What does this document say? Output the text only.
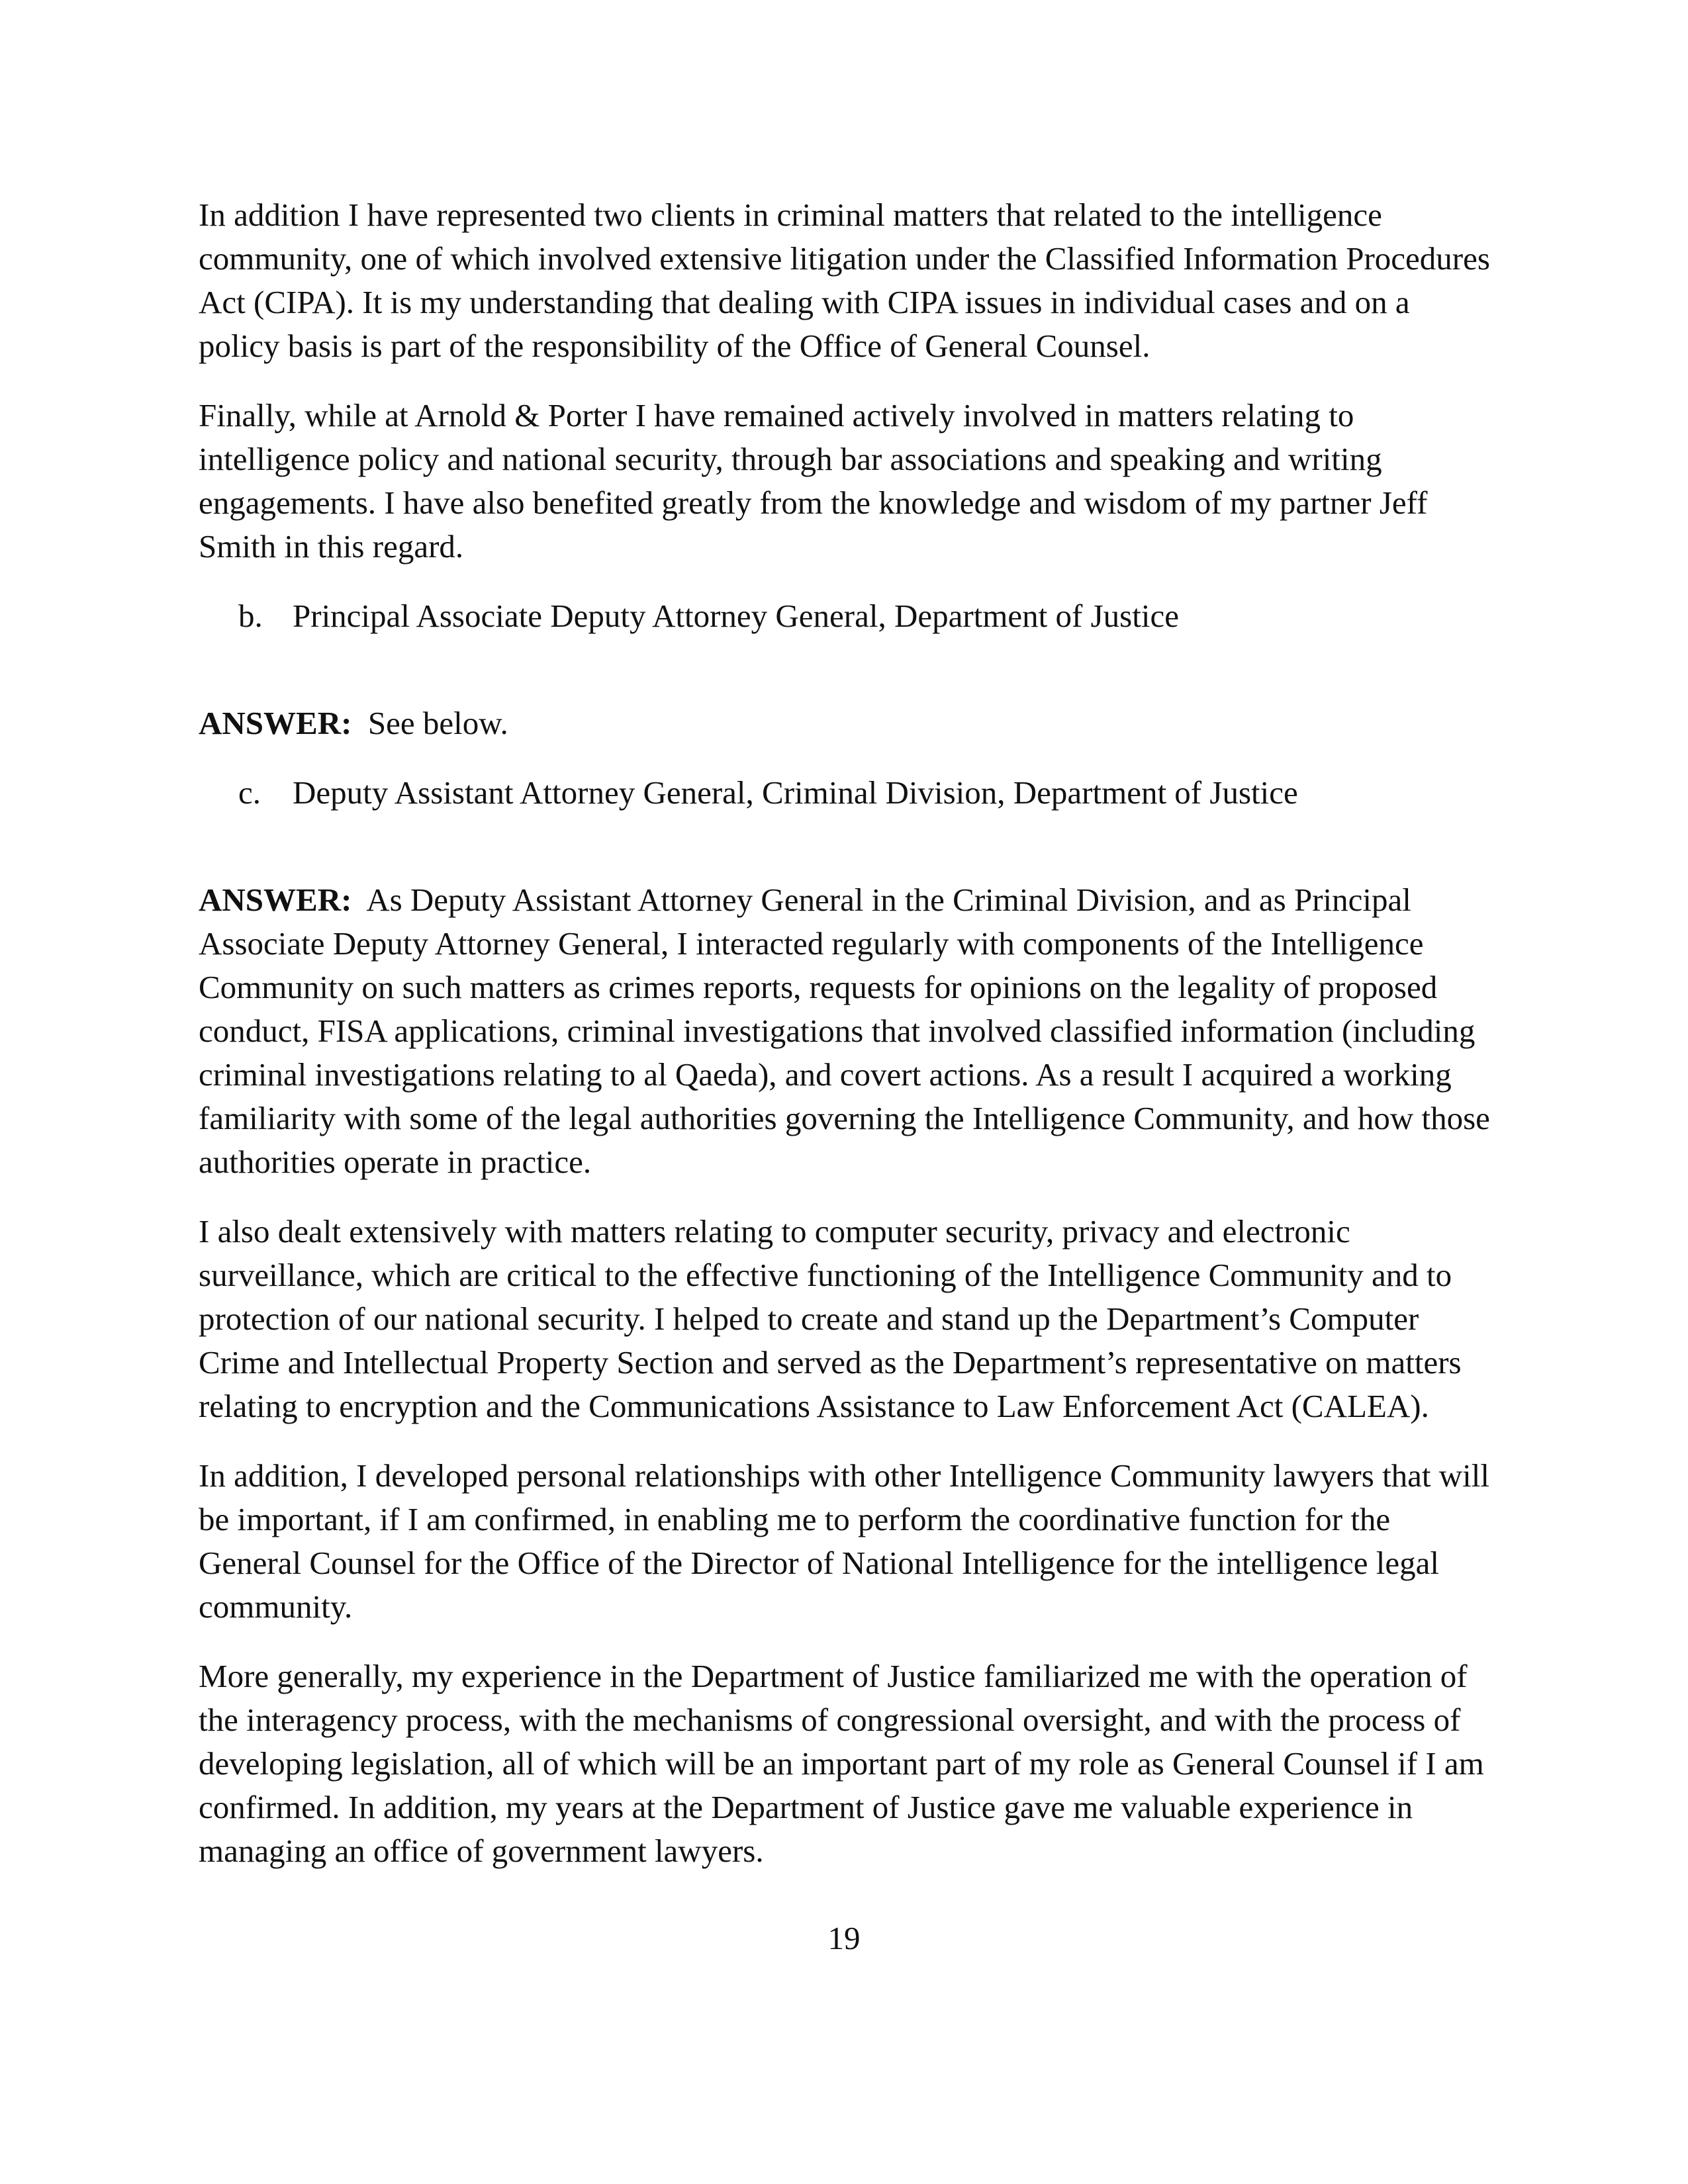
In addition I have represented two clients in criminal matters that related to the intelligence community, one of which involved extensive litigation under the Classified Information Procedures Act (CIPA). It is my understanding that dealing with CIPA issues in individual cases and on a policy basis is part of the responsibility of the Office of General Counsel.

Finally, while at Arnold & Porter I have remained actively involved in matters relating to intelligence policy and national security, through bar associations and speaking and writing engagements. I have also benefited greatly from the knowledge and wisdom of my partner Jeff Smith in this regard.

b. Principal Associate Deputy Attorney General, Department of Justice

ANSWER: See below.

c. Deputy Assistant Attorney General, Criminal Division, Department of Justice

ANSWER: As Deputy Assistant Attorney General in the Criminal Division, and as Principal Associate Deputy Attorney General, I interacted regularly with components of the Intelligence Community on such matters as crimes reports, requests for opinions on the legality of proposed conduct, FISA applications, criminal investigations that involved classified information (including criminal investigations relating to al Qaeda), and covert actions. As a result I acquired a working familiarity with some of the legal authorities governing the Intelligence Community, and how those authorities operate in practice.

I also dealt extensively with matters relating to computer security, privacy and electronic surveillance, which are critical to the effective functioning of the Intelligence Community and to protection of our national security. I helped to create and stand up the Department’s Computer Crime and Intellectual Property Section and served as the Department’s representative on matters relating to encryption and the Communications Assistance to Law Enforcement Act (CALEA).

In addition, I developed personal relationships with other Intelligence Community lawyers that will be important, if I am confirmed, in enabling me to perform the coordinative function for the General Counsel for the Office of the Director of National Intelligence for the intelligence legal community.

More generally, my experience in the Department of Justice familiarized me with the operation of the interagency process, with the mechanisms of congressional oversight, and with the process of developing legislation, all of which will be an important part of my role as General Counsel if I am confirmed. In addition, my years at the Department of Justice gave me valuable experience in managing an office of government lawyers.

19
